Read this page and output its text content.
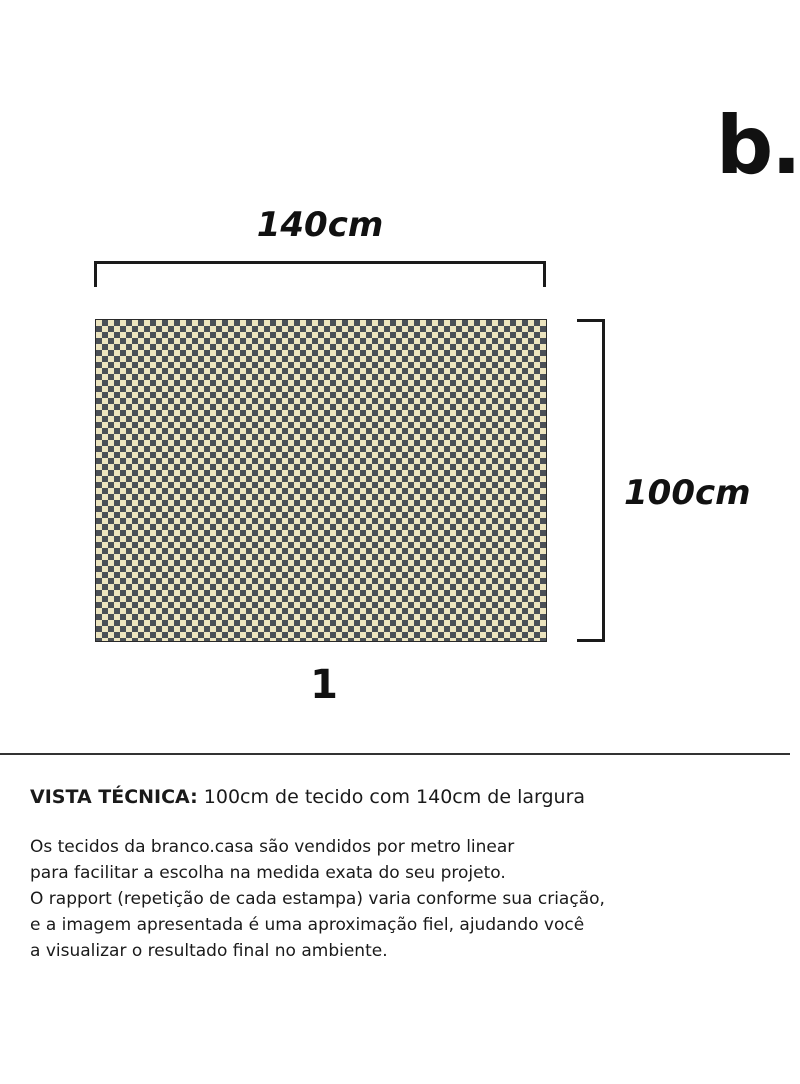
b.
140cm
100cm
1
VISTA TÉCNICA: 100cm de tecido com 140cm de largura
Os tecidos da branco.casa são vendidos por metro linear
para facilitar a escolha na medida exata do seu projeto.
O rapport (repetição de cada estampa) varia conforme sua criação,
e a imagem apresentada é uma aproximação fiel, ajudando você
a visualizar o resultado final no ambiente.
